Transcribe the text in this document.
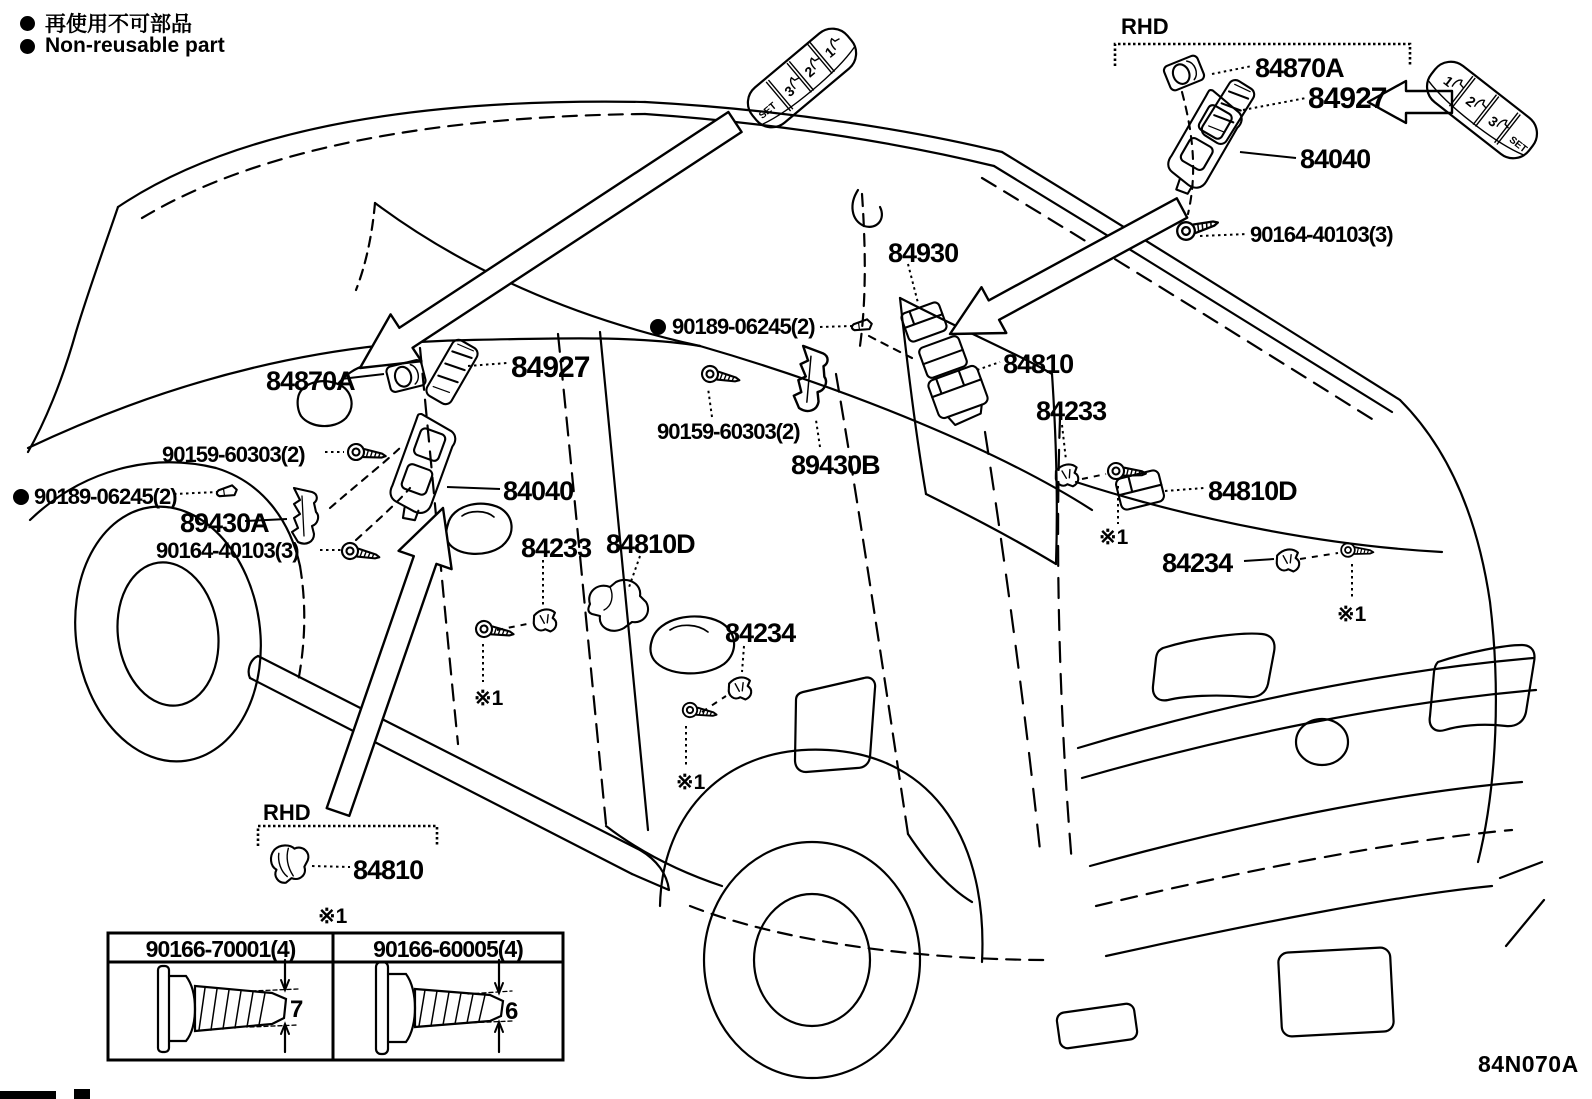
1
2
3
SET
1
2
3
SET
再使用不可部品
Non-reusable part
RHD
84870A
84927
84040
90164-40103(3)
84930
90189-06245(2)
84810
84233
90159-60303(2)
89430B
84870A	84927
90159-60303(2)
90189-06245(2)
89430A
90164-40103(3)
84040
84233 84810D
84234
84810D
84234
※1
※1
※1
※1
RHD
84810
※1
90166-70001(4)	90166-60005(4)
7	6
84N070A
